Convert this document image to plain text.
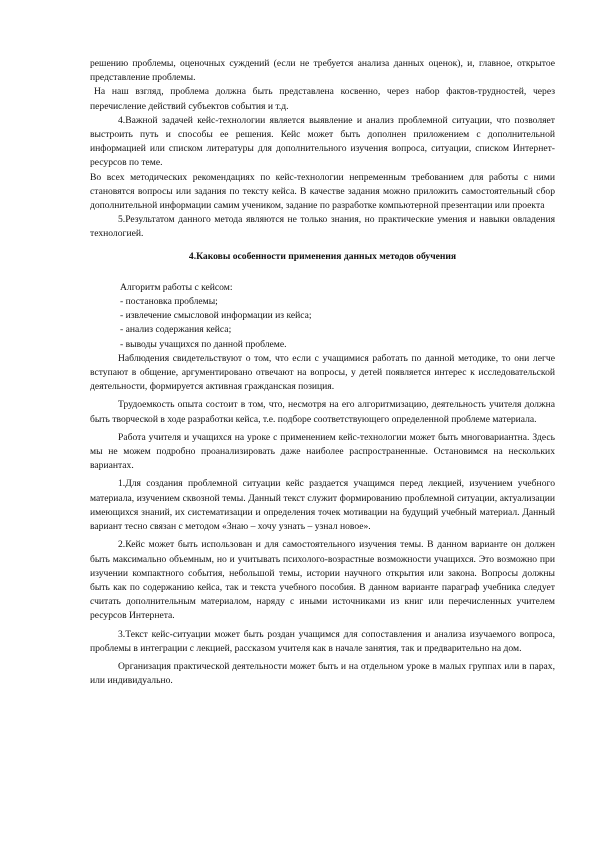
решению проблемы, оценочных суждений (если не требуется анализа данных оценок), и, главное, открытое представление проблемы.

На наш взгляд, проблема должна быть представлена косвенно, через набор фактов-трудностей, через перечисление действий субъектов события и т.д.

4.Важной задачей кейс-технологии является выявление и анализ проблемной ситуации, что позволяет выстроить путь и способы ее решения. Кейс может быть дополнен приложением с дополнительной информацией или списком литературы для дополнительного изучения вопроса, ситуации, списком Интернет-ресурсов по теме.

Во всех методических рекомендациях по кейс-технологии непременным требованием для работы с ними становятся вопросы или задания по тексту кейса. В качестве задания можно приложить самостоятельный сбор дополнительной информации самим учеником, задание по разработке компьютерной презентации или проекта

5.Результатом данного метода являются не только знания, но практические умения и навыки овладения технологией.

4.Каковы особенности применения данных методов обучения

Алгоритм работы с кейсом:

- постановка проблемы;
- извлечение смысловой информации из кейса;
- анализ содержания кейса;
- выводы учащихся по данной проблеме.

Наблюдения свидетельствуют о том, что если с учащимися работать по данной методике, то они легче вступают в общение, аргументировано отвечают на вопросы, у детей появляется интерес к исследовательской деятельности, формируется активная гражданская позиция.

Трудоемкость опыта состоит в том, что, несмотря на его алгоритмизацию, деятельность учителя должна быть творческой в ходе разработки кейса, т.е. подборе соответствующего определенной проблеме материала.

Работа учителя и учащихся на уроке с применением кейс-технологии может быть многовариантна. Здесь мы не можем подробно проанализировать даже наиболее распространенные. Остановимся на нескольких вариантах.

1.Для создания проблемной ситуации кейс раздается учащимся перед лекцией, изучением учебного материала, изучением сквозной темы. Данный текст служит формированию проблемной ситуации, актуализации имеющихся знаний, их систематизации и определения точек мотивации на будущий учебный материал. Данный вариант тесно связан с методом «Знаю – хочу узнать – узнал новое».

2.Кейс может быть использован и для самостоятельного изучения темы. В данном варианте он должен быть максимально объемным, но и учитывать психолого-возрастные возможности учащихся. Это возможно при изучении компактного события, небольшой темы, истории научного открытия или закона. Вопросы должны быть как по содержанию кейса, так и текста учебного пособия. В данном варианте параграф учебника следует считать дополнительным материалом, наряду с иными источниками из книг или перечисленных учителем ресурсов Интернета.

3.Текст кейс-ситуации может быть роздан учащимся для сопоставления и анализа изучаемого вопроса, проблемы в интеграции с лекцией, рассказом учителя как в начале занятия, так и предварительно на дом.

Организация практической деятельности может быть и на отдельном уроке в малых группах или в парах, или индивидуально.
